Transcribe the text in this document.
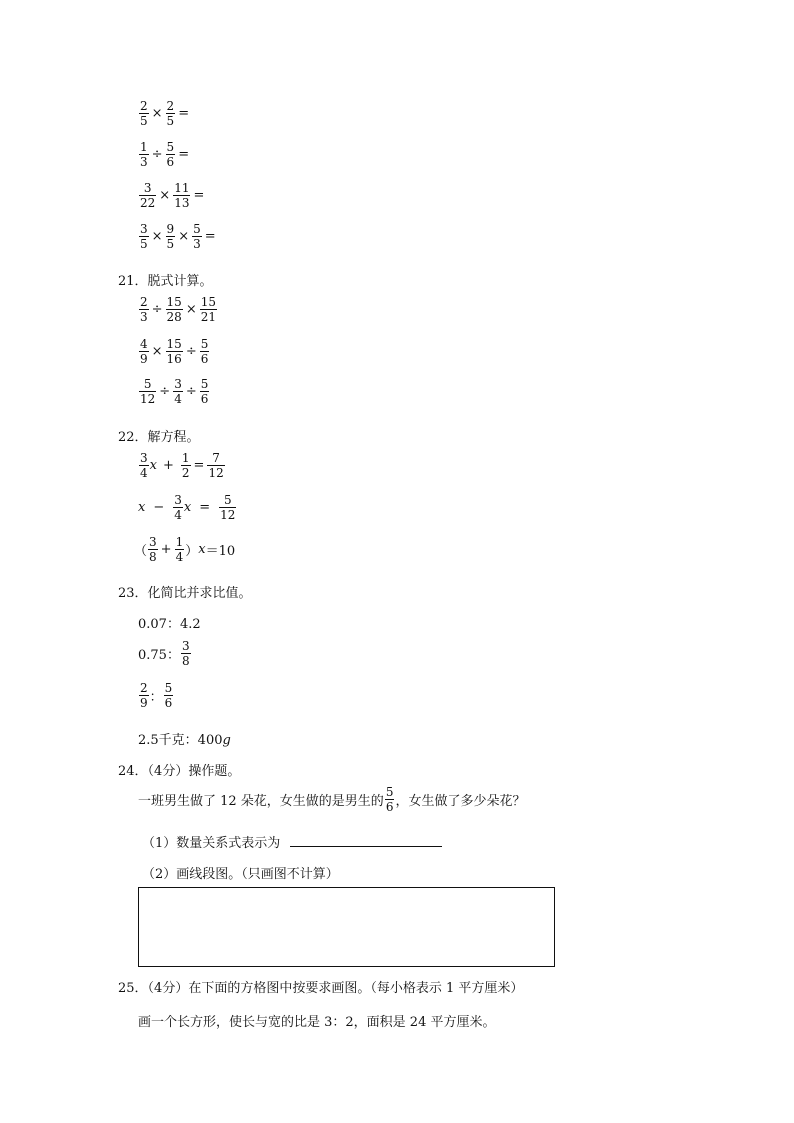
$\frac{2}{5} \times \frac{2}{5}$ =
$\frac{1}{3} \div \frac{5}{6}$ =
$\frac{3}{22} \times \frac{11}{13}$ =
$\frac{3}{5} \times \frac{9}{5} \times \frac{5}{3}$ =
21．脱式计算。
$\frac{2}{3} \div \frac{15}{28} \times \frac{15}{21}$
$\frac{4}{9} \times \frac{15}{16} \div \frac{5}{6}$
$\frac{5}{12} \div \frac{3}{4} \div \frac{5}{6}$
22．解方程。
$\frac{3}{4}$ $x + \frac{1}{2} = \frac{7}{12}$
$x - \frac{3}{4}$ $x = \frac{5}{12}$
（ $\frac{3}{8} + \frac{1}{4}$ ） x ＝10
23．化简比并求比值。
0.07：4.2
0.75： $\frac{3}{8}$
$\frac{2}{9}$ ： $\frac{5}{6}$
2.5千克：400g
24．（4分）操作题。
一班男生做了 12 朵花，女生做的是男生的 $\frac{5}{6}$ ，女生做了多少朵花？
（1）数量关系式表示为
（2）画线段图。（只画图不计算）
25．（4分）在下面的方格图中按要求画图。（每小格表示 1 平方厘米）
画一个长方形，使长与宽的比是 3：2，面积是 24 平方厘米。
